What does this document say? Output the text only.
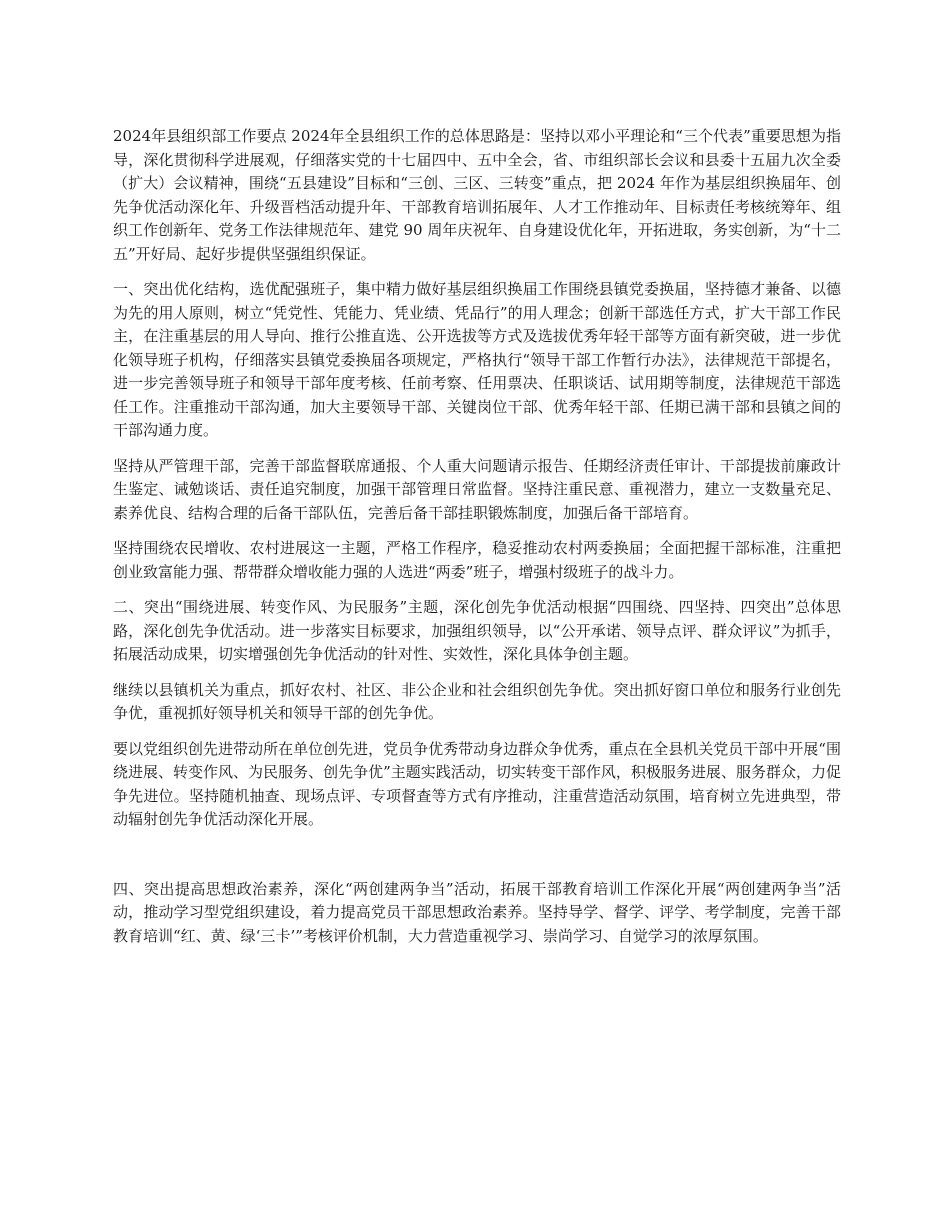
2024年县组织部工作要点 2024年全县组织工作的总体思路是：坚持以邓小平理论和“三个代表”重要思想为指导，深化贯彻科学进展观，仔细落实党的十七届四中、五中全会，省、市组织部长会议和县委十五届九次全委（扩大）会议精神，围绕“五县建设”目标和“三创、三区、三转变”重点，把 2024 年作为基层组织换届年、创先争优活动深化年、升级晋档活动提升年、干部教育培训拓展年、人才工作推动年、目标责任考核统筹年、组织工作创新年、党务工作法律规范年、建党 90 周年庆祝年、自身建设优化年，开拓进取，务实创新，为“十二五”开好局、起好步提供坚强组织保证。

一、突出优化结构，选优配强班子，集中精力做好基层组织换届工作围绕县镇党委换届，坚持德才兼备、以德为先的用人原则，树立“凭党性、凭能力、凭业绩、凭品行”的用人理念；创新干部选任方式，扩大干部工作民主，在注重基层的用人导向、推行公推直选、公开选拔等方式及选拔优秀年轻干部等方面有新突破，进一步优化领导班子机构，仔细落实县镇党委换届各项规定，严格执行“领导干部工作暂行办法》，法律规范干部提名，进一步完善领导班子和领导干部年度考核、任前考察、任用票决、任职谈话、试用期等制度，法律规范干部选任工作。注重推动干部沟通，加大主要领导干部、关键岗位干部、优秀年轻干部、任期已满干部和县镇之间的干部沟通力度。

坚持从严管理干部，完善干部监督联席通报、个人重大问题请示报告、任期经济责任审计、干部提拔前廉政计生鉴定、诫勉谈话、责任追究制度，加强干部管理日常监督。坚持注重民意、重视潜力，建立一支数量充足、素养优良、结构合理的后备干部队伍，完善后备干部挂职锻炼制度，加强后备干部培育。

坚持围绕农民增收、农村进展这一主题，严格工作程序，稳妥推动农村两委换届；全面把握干部标准，注重把创业致富能力强、帮带群众增收能力强的人选进“两委”班子，增强村级班子的战斗力。

二、突出“围绕进展、转变作风、为民服务”主题，深化创先争优活动根据“四围绕、四坚持、四突出”总体思路，深化创先争优活动。进一步落实目标要求，加强组织领导，以“公开承诺、领导点评、群众评议”为抓手，拓展活动成果，切实增强创先争优活动的针对性、实效性，深化具体争创主题。

继续以县镇机关为重点，抓好农村、社区、非公企业和社会组织创先争优。突出抓好窗口单位和服务行业创先争优，重视抓好领导机关和领导干部的创先争优。

要以党组织创先进带动所在单位创先进，党员争优秀带动身边群众争优秀，重点在全县机关党员干部中开展“围绕进展、转变作风、为民服务、创先争优”主题实践活动，切实转变干部作风，积极服务进展、服务群众，力促争先进位。坚持随机抽查、现场点评、专项督查等方式有序推动，注重营造活动氛围，培育树立先进典型，带动辐射创先争优活动深化开展。

四、突出提高思想政治素养，深化“两创建两争当”活动，拓展干部教育培训工作深化开展“两创建两争当”活动，推动学习型党组织建设，着力提高党员干部思想政治素养。坚持导学、督学、评学、考学制度，完善干部教育培训“红、黄、绿‘三卡’”考核评价机制，大力营造重视学习、崇尚学习、自觉学习的浓厚氛围。
